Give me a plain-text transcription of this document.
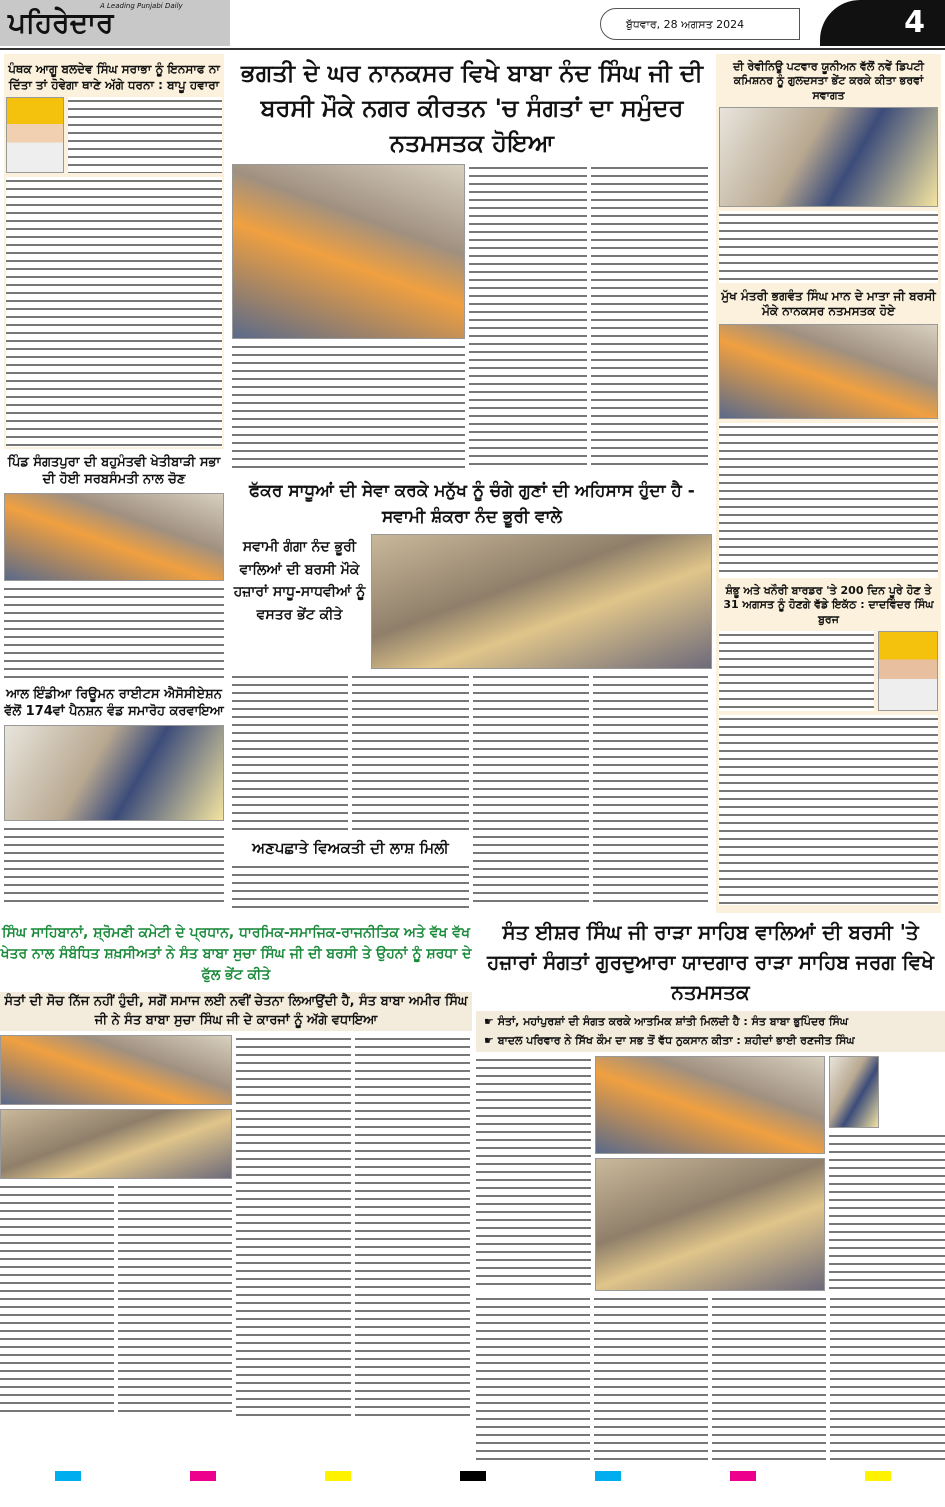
ਪਹਿਰੇਦਾਰ
A Leading Punjabi Daily
ਬੁੱਧਵਾਰ, 28 ਅਗਸਤ 2024	4
ਪੰਥਕ ਆਗੂ ਬਲਦੇਵ ਸਿੰਘ ਸਰਾਭਾ ਨੂੰ ਇਨਸਾਫ ਨਾ ਦਿੱਤਾ ਤਾਂ ਹੋਵੇਗਾ ਥਾਣੇ ਅੱਗੇ ਧਰਨਾ : ਬਾਪੂ ਹਵਾਰਾ
ਪਿੰਡ ਸੰਗਤਪੁਰਾ ਦੀ ਬਹੁਮੰਤਵੀ ਖੇਤੀਬਾੜੀ ਸਭਾ ਦੀ ਹੋਈ ਸਰਬਸੰਮਤੀ ਨਾਲ ਚੋਣ
ਆਲ ਇੰਡੀਆ ਰਿਊਮਨ ਰਾਈਟਸ ਐਸੋਸੀਏਸ਼ਨ ਵੱਲੋਂ 174ਵਾਂ ਪੈਨਸ਼ਨ ਵੰਡ ਸਮਾਰੋਹ ਕਰਵਾਇਆ
ਭਗਤੀ ਦੇ ਘਰ ਨਾਨਕਸਰ ਵਿਖੇ ਬਾਬਾ ਨੰਦ ਸਿੰਘ ਜੀ ਦੀ ਬਰਸੀ ਮੌਕੇ ਨਗਰ ਕੀਰਤਨ 'ਚ ਸੰਗਤਾਂ ਦਾ ਸਮੁੰਦਰ ਨਤਮਸਤਕ ਹੋਇਆ
ਫੱਕਰ ਸਾਧੂਆਂ ਦੀ ਸੇਵਾ ਕਰਕੇ ਮਨੁੱਖ ਨੂੰ ਚੰਗੇ ਗੁਣਾਂ ਦੀ ਅਹਿਸਾਸ ਹੁੰਦਾ ਹੈ - ਸਵਾਮੀ ਸ਼ੰਕਰਾ ਨੰਦ ਭੂਰੀ ਵਾਲੇ
ਸਵਾਮੀ ਗੰਗਾ ਨੰਦ ਭੂਰੀ ਵਾਲਿਆਂ ਦੀ ਬਰਸੀ ਮੌਕੇ ਹਜ਼ਾਰਾਂ ਸਾਧੂ-ਸਾਧਵੀਆਂ ਨੂੰ ਵਸਤਰ ਭੇਂਟ ਕੀਤੇ
ਅਣਪਛਾਤੇ ਵਿਅਕਤੀ ਦੀ ਲਾਸ਼ ਮਿਲੀ
ਦੀ ਰੇਵੀਨਿਊ ਪਟਵਾਰ ਯੂਨੀਅਨ ਵੱਲੋਂ ਨਵੇਂ ਡਿਪਟੀ ਕਮਿਸ਼ਨਰ ਨੂੰ ਗੁਲਦਸਤਾ ਭੇਂਟ ਕਰਕੇ ਕੀਤਾ ਭਰਵਾਂ ਸਵਾਗਤ
ਮੁੱਖ ਮੰਤਰੀ ਭਗਵੰਤ ਸਿੰਘ ਮਾਨ ਦੇ ਮਾਤਾ ਜੀ ਬਰਸੀ ਮੌਕੇ ਨਾਨਕਸਰ ਨਤਮਸਤਕ ਹੋਏ
ਸ਼ੰਭੂ ਅਤੇ ਖਨੌਰੀ ਬਾਰਡਰ 'ਤੇ 200 ਦਿਨ ਪੂਰੇ ਹੋਣ ਤੇ 31 ਅਗਸਤ ਨੂੰ ਹੋਣਗੇ ਵੱਡੇ ਇਕੱਠ : ਦਾਦਵਿੰਦਰ ਸਿੰਘ ਬੁਰਜ
ਸਿੰਘ ਸਾਹਿਬਾਨਾਂ, ਸ਼੍ਰੋਮਣੀ ਕਮੇਟੀ ਦੇ ਪ੍ਰਧਾਨ, ਧਾਰਮਿਕ-ਸਮਾਜਿਕ-ਰਾਜਨੀਤਿਕ ਅਤੇ ਵੱਖ ਵੱਖ ਖੇਤਰ ਨਾਲ ਸੰਬੰਧਿਤ ਸ਼ਖ਼ਸੀਅਤਾਂ ਨੇ ਸੰਤ ਬਾਬਾ ਸੁਚਾ ਸਿੰਘ ਜੀ ਦੀ ਬਰਸੀ ਤੇ ਉਹਨਾਂ ਨੂੰ ਸ਼ਰਧਾ ਦੇ ਫੁੱਲ ਭੇਂਟ ਕੀਤੇ
ਸੰਤਾਂ ਦੀ ਸੋਚ ਨਿੱਜ ਨਹੀਂ ਹੁੰਦੀ, ਸਗੋਂ ਸਮਾਜ ਲਈ ਨਵੀਂ ਚੇਤਨਾ ਲਿਆਉਂਦੀ ਹੈ, ਸੰਤ ਬਾਬਾ ਅਮੀਰ ਸਿੰਘ ਜੀ ਨੇ ਸੰਤ ਬਾਬਾ ਸੁਚਾ ਸਿੰਘ ਜੀ ਦੇ ਕਾਰਜਾਂ ਨੂੰ ਅੱਗੇ ਵਧਾਇਆ
ਸੰਤ ਈਸ਼ਰ ਸਿੰਘ ਜੀ ਰਾੜਾ ਸਾਹਿਬ ਵਾਲਿਆਂ ਦੀ ਬਰਸੀ 'ਤੇ ਹਜ਼ਾਰਾਂ ਸੰਗਤਾਂ ਗੁਰਦੁਆਰਾ ਯਾਦਗਾਰ ਰਾੜਾ ਸਾਹਿਬ ਜਰਗ ਵਿਖੇ ਨਤਮਸਤਕ
☛ ਸੰਤਾਂ, ਮਹਾਂਪੁਰਸ਼ਾਂ ਦੀ ਸੰਗਤ ਕਰਕੇ ਆਤਮਿਕ ਸ਼ਾਂਤੀ ਮਿਲਦੀ ਹੈ : ਸੰਤ ਬਾਬਾ ਭੁਪਿੰਦਰ ਸਿੰਘ
☛ ਬਾਦਲ ਪਰਿਵਾਰ ਨੇ ਸਿੱਖ ਕੌਮ ਦਾ ਸਭ ਤੋਂ ਵੱਧ ਨੁਕਸਾਨ ਕੀਤਾ : ਸ਼ਹੀਦਾਂ ਭਾਈ ਰਣਜੀਤ ਸਿੰਘ
